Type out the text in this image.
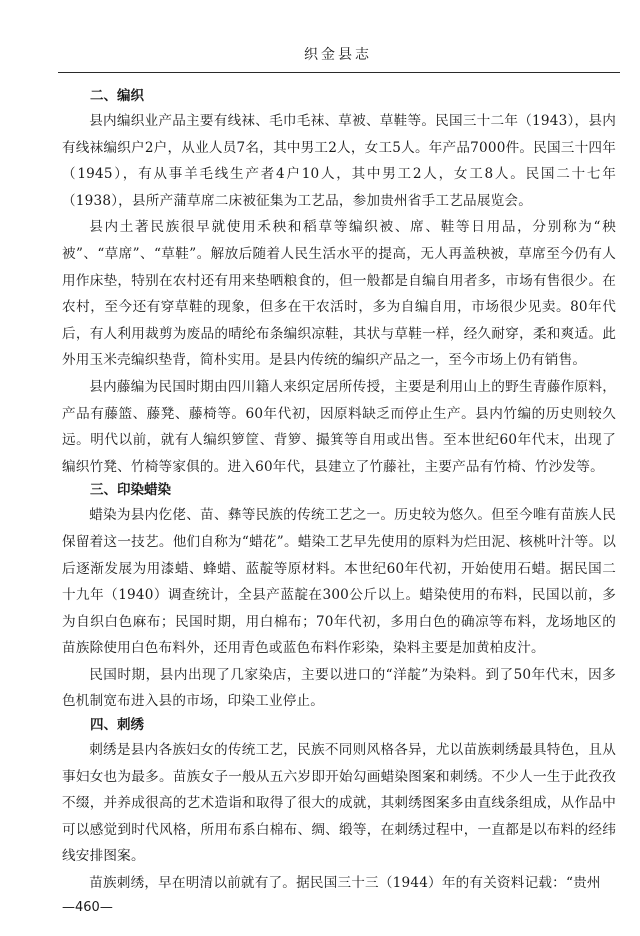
织金县志
二、编织

县内编织业产品主要有线袜、毛巾毛袜、草被、草鞋等。民国三十二年（1943），县内有线袜编织户2户，从业人员7名，其中男工2人，女工5人。年产品7000件。民国三十四年（1945），有从事羊毛线生产者4户10人，其中男工2人，女工8人。民国二十七年（1938），县所产蒲草席二床被征集为工艺品，参加贵州省手工艺品展览会。

县内土著民族很早就使用禾秧和稻草等编织被、席、鞋等日用品，分别称为“秧被”、“草席”、“草鞋”。解放后随着人民生活水平的提高，无人再盖秧被，草席至今仍有人用作床垫，特别在农村还有用来垫晒粮食的，但一般都是自编自用者多，市场有售很少。在农村，至今还有穿草鞋的现象，但多在干农活时，多为自编自用，市场很少见卖。80年代后，有人利用裁剪为废品的晴纶布条编织凉鞋，其状与草鞋一样，经久耐穿，柔和爽适。此外用玉米壳编织垫背，简朴实用。是县内传统的编织产品之一，至今市场上仍有销售。

县内藤编为民国时期由四川籍人来织定居所传授，主要是利用山上的野生青藤作原料，产品有藤篮、藤凳、藤椅等。60年代初，因原料缺乏而停止生产。县内竹编的历史则较久远。明代以前，就有人编织箩筐、背箩、撮箕等自用或出售。至本世纪60年代末，出现了编织竹凳、竹椅等家俱的。进入60年代，县建立了竹藤社，主要产品有竹椅、竹沙发等。

三、印染蜡染

蜡染为县内仡佬、苗、彝等民族的传统工艺之一。历史较为悠久。但至今唯有苗族人民保留着这一技艺。他们自称为“蜡花”。蜡染工艺早先使用的原料为烂田泥、核桃叶汁等。以后逐渐发展为用漆蜡、蜂蜡、蓝靛等原材料。本世纪60年代初，开始使用石蜡。据民国二十九年（1940）调查统计，全县产蓝靛在300公斤以上。蜡染使用的布料，民国以前，多为自织白色麻布；民国时期，用白棉布；70年代初，多用白色的确凉等布料，龙场地区的苗族除使用白色布料外，还用青色或蓝色布料作彩染，染料主要是加黄柏皮汁。

民国时期，县内出现了几家染店，主要以进口的“洋靛”为染料。到了50年代末，因多色机制宽布进入县的市场，印染工业停止。

四、刺绣

刺绣是县内各族妇女的传统工艺，民族不同则风格各异，尤以苗族刺绣最具特色，且从事妇女也为最多。苗族女子一般从五六岁即开始勾画蜡染图案和刺绣。不少人一生于此孜孜不缀，并养成很高的艺术造诣和取得了很大的成就，其刺绣图案多由直线条组成，从作品中可以感觉到时代风格，所用布系白棉布、绸、缎等，在刺绣过程中，一直都是以布料的经纬线安排图案。

苗族刺绣，早在明清以前就有了。据民国三十三（1944）年的有关资料记载：“贵州

—460—
